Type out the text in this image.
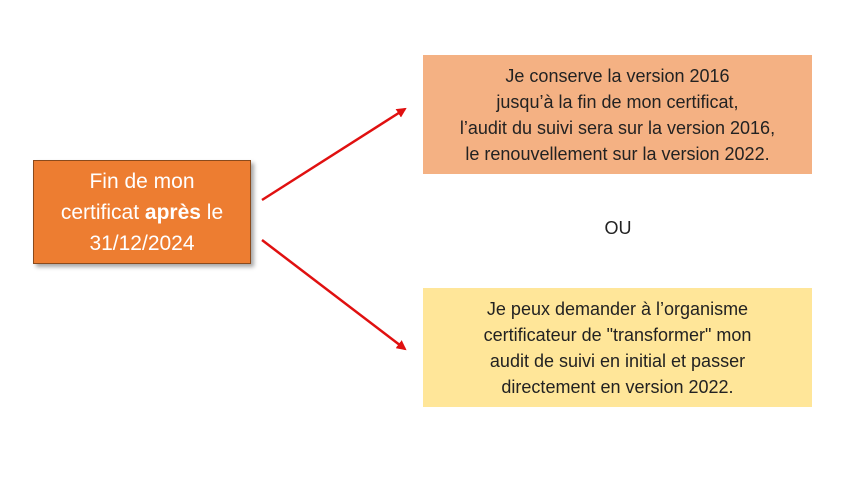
Fin de mon
certificat après le
31/12/2024
Je conserve la version 2016
jusqu’à la fin de mon certificat,
l’audit du suivi sera sur la version 2016,
le renouvellement sur la version 2022.
OU
Je peux demander à l’organisme
certificateur de "transformer" mon
audit de suivi en initial et passer
directement en version 2022.
